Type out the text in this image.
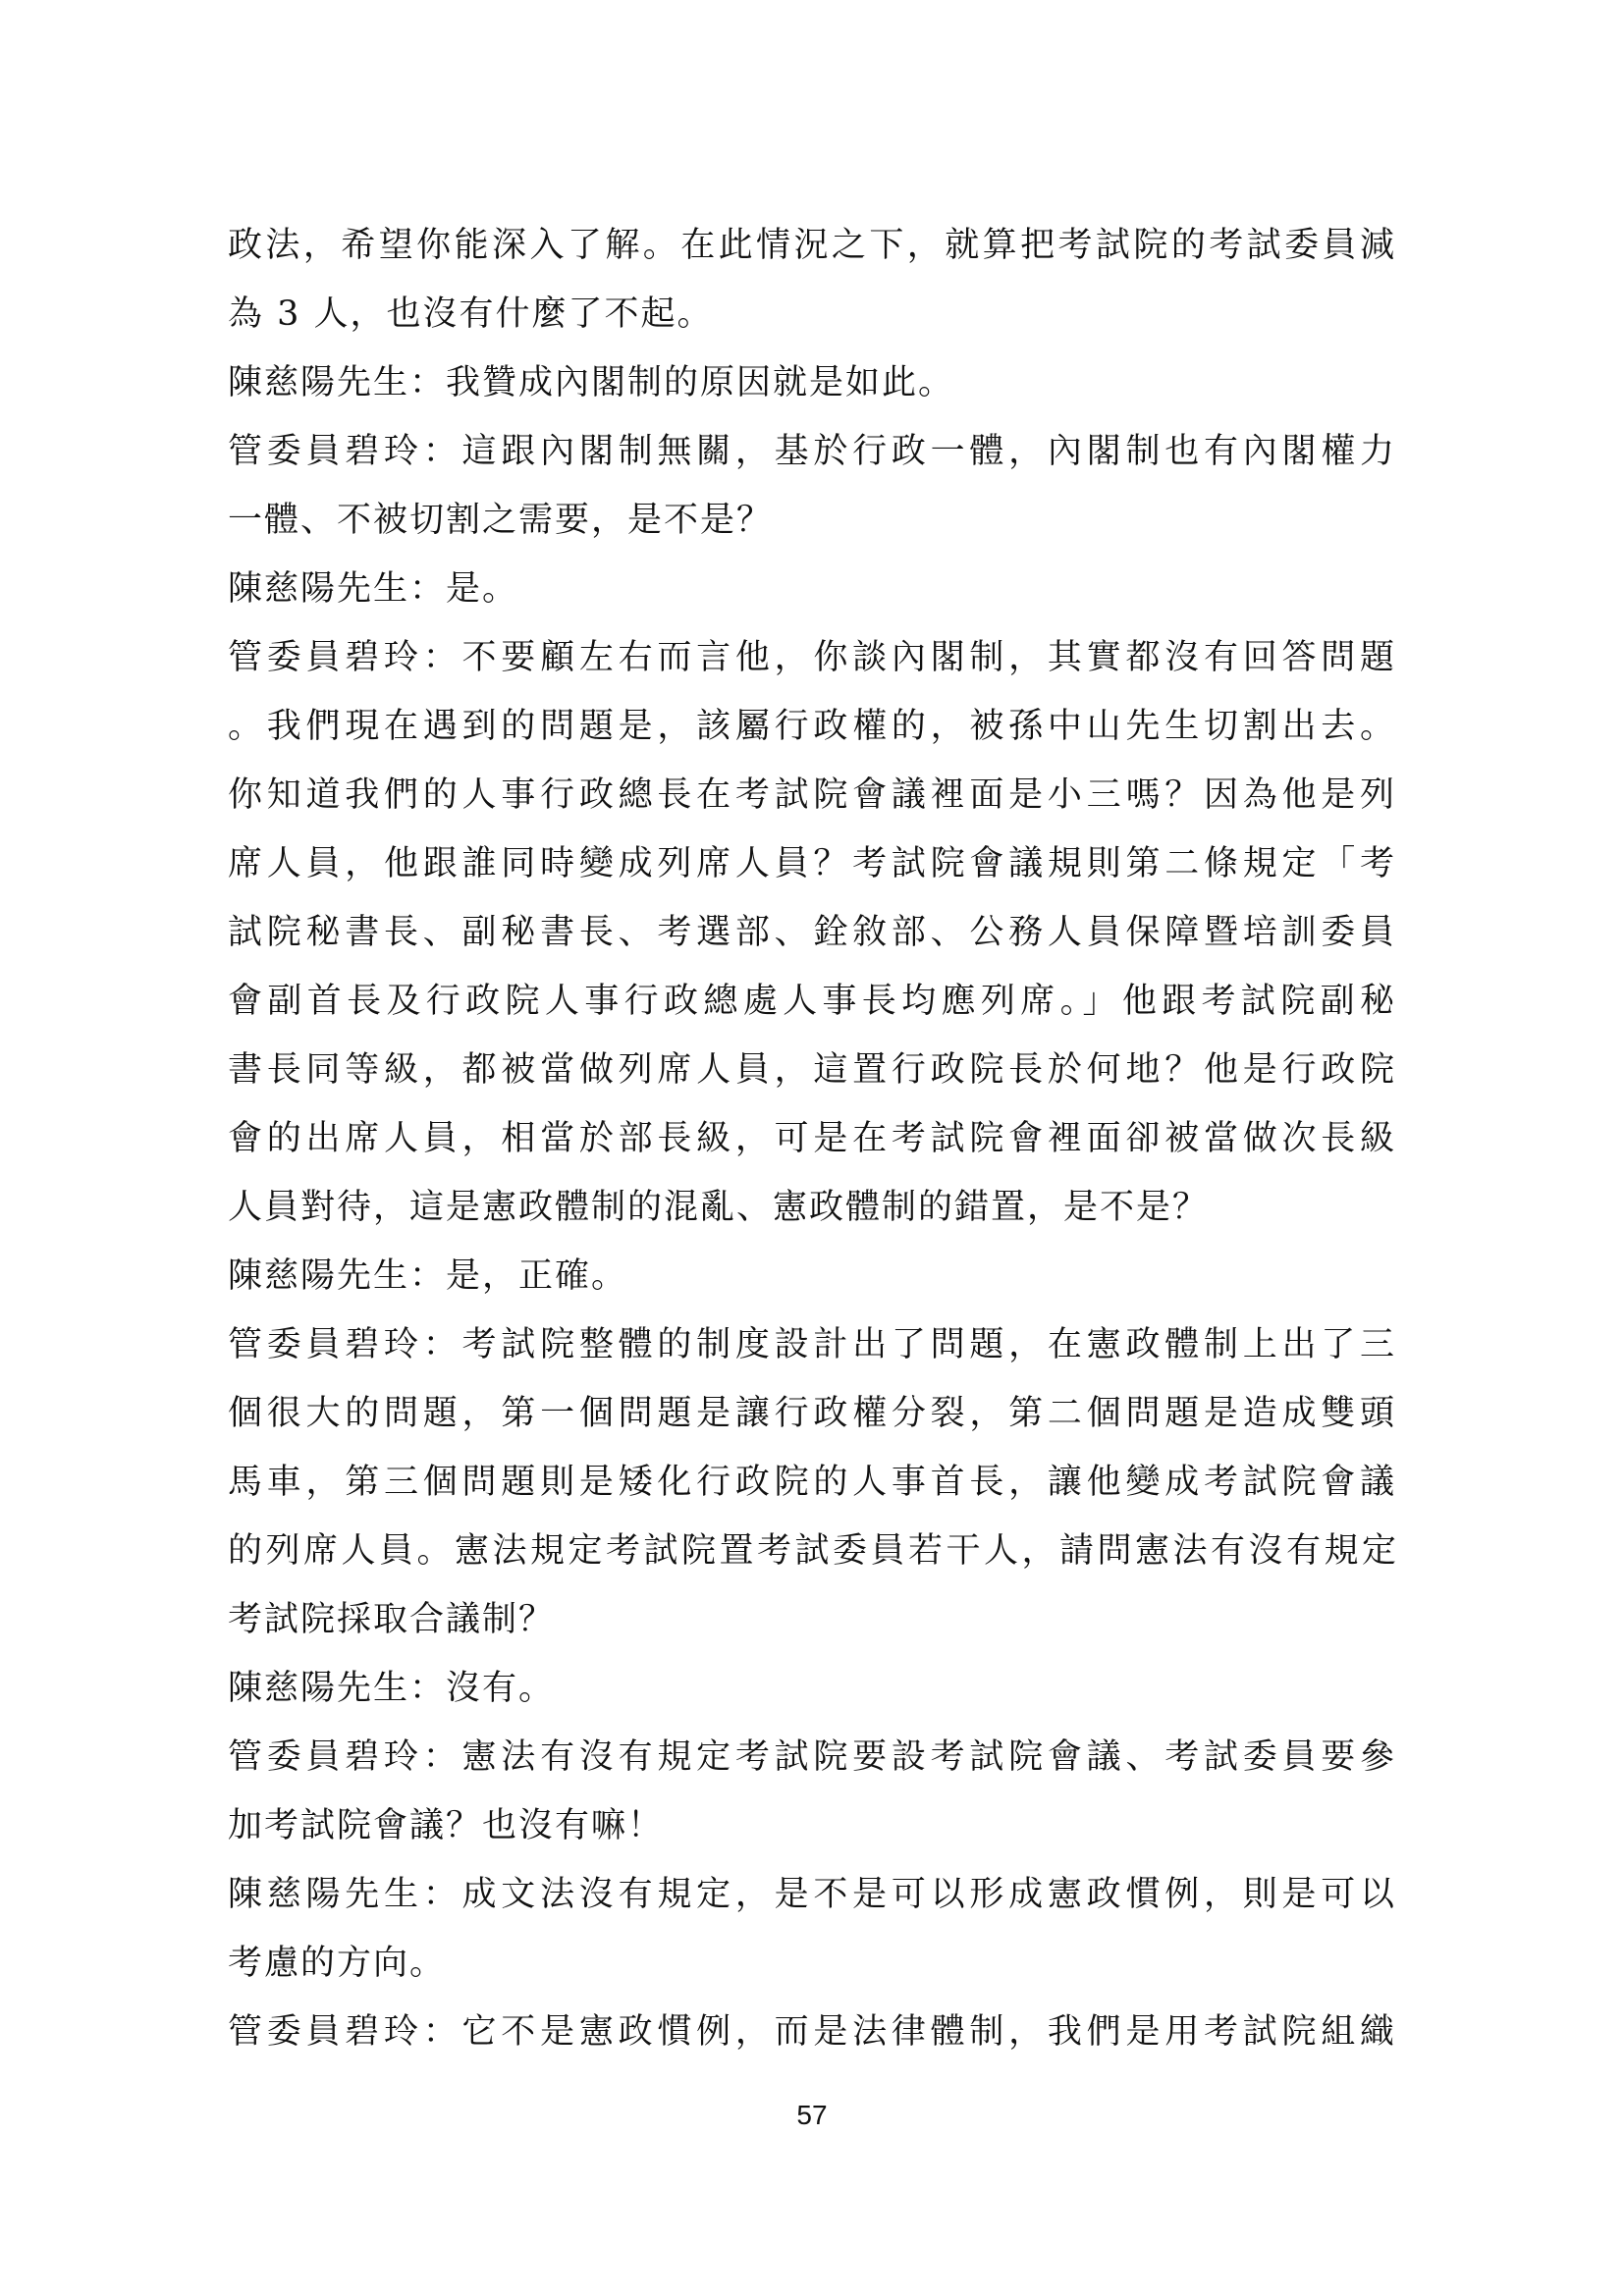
政法，希望你能深入了解。在此情況之下，就算把考試院的考試委員減
為 3 人，也沒有什麼了不起。
陳慈陽先生：我贊成內閣制的原因就是如此。
管委員碧玲：這跟內閣制無關，基於行政一體，內閣制也有內閣權力
一體、不被切割之需要，是不是？
陳慈陽先生：是。
管委員碧玲：不要顧左右而言他，你談內閣制，其實都沒有回答問題
。我們現在遇到的問題是，該屬行政權的，被孫中山先生切割出去。
你知道我們的人事行政總長在考試院會議裡面是小三嗎？因為他是列
席人員，他跟誰同時變成列席人員？考試院會議規則第二條規定「考
試院秘書長、副秘書長、考選部、銓敘部、公務人員保障暨培訓委員
會副首長及行政院人事行政總處人事長均應列席。」他跟考試院副秘
書長同等級，都被當做列席人員，這置行政院長於何地？他是行政院
會的出席人員，相當於部長級，可是在考試院會裡面卻被當做次長級
人員對待，這是憲政體制的混亂、憲政體制的錯置，是不是？
陳慈陽先生：是，正確。
管委員碧玲：考試院整體的制度設計出了問題，在憲政體制上出了三
個很大的問題，第一個問題是讓行政權分裂，第二個問題是造成雙頭
馬車，第三個問題則是矮化行政院的人事首長，讓他變成考試院會議
的列席人員。憲法規定考試院置考試委員若干人，請問憲法有沒有規定
考試院採取合議制？
陳慈陽先生：沒有。
管委員碧玲：憲法有沒有規定考試院要設考試院會議、考試委員要參
加考試院會議？也沒有嘛！
陳慈陽先生：成文法沒有規定，是不是可以形成憲政慣例，則是可以
考慮的方向。
管委員碧玲：它不是憲政慣例，而是法律體制，我們是用考試院組織
57
